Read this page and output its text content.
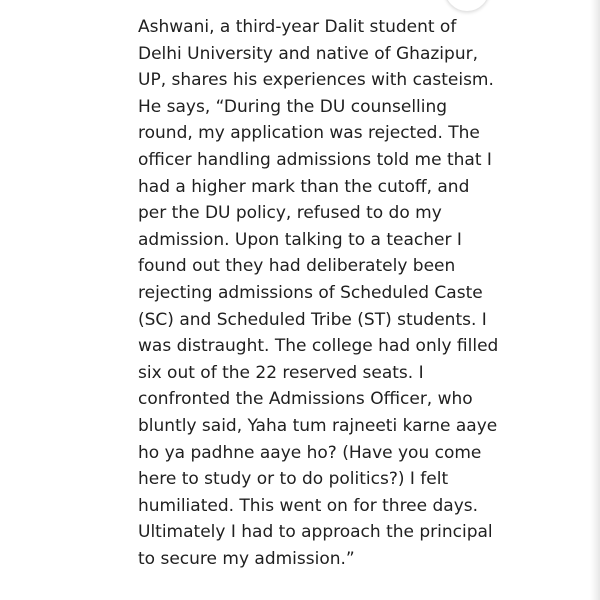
Ashwani, a third-year Dalit student of
Delhi University and native of Ghazipur,
UP, shares his experiences with casteism.
He says, “During the DU counselling
round, my application was rejected. The
officer handling admissions told me that I
had a higher mark than the cutoff, and
per the DU policy, refused to do my
admission. Upon talking to a teacher I
found out they had deliberately been
rejecting admissions of Scheduled Caste
(SC) and Scheduled Tribe (ST) students. I
was distraught. The college had only filled
six out of the 22 reserved seats. I
confronted the Admissions Officer, who
bluntly said, Yaha tum rajneeti karne aaye
ho ya padhne aaye ho? (Have you come
here to study or to do politics?) I felt
humiliated. This went on for three days.
Ultimately I had to approach the principal
to secure my admission.”
